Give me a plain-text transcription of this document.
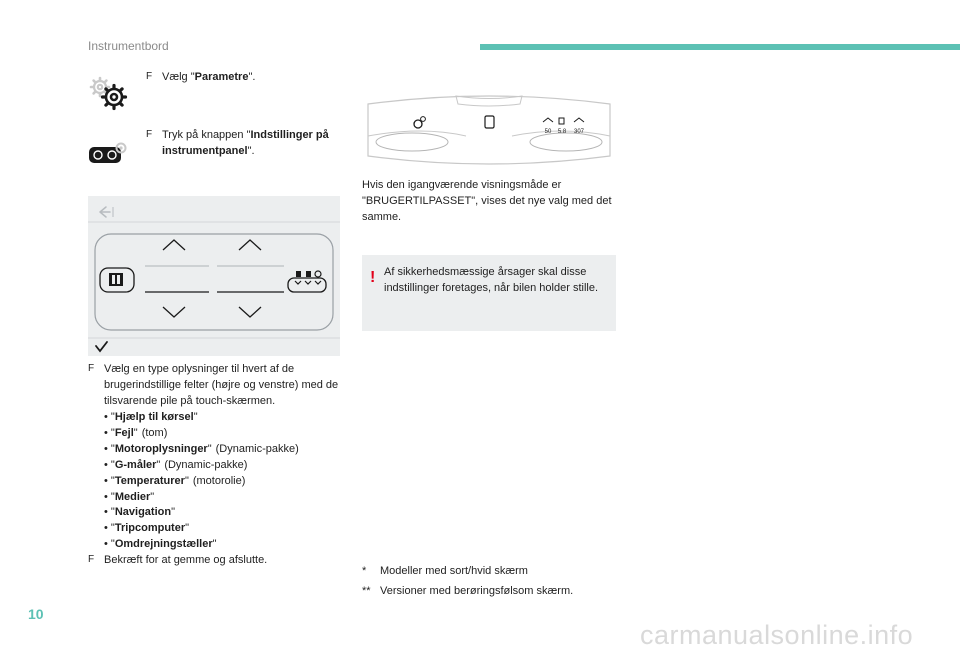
Instrumentbord
F Vælg "Parametre".
F Tryk på knappen "Indstillinger på instrumentpanel".
F Vælg en type oplysninger til hvert af de brugerindstillige felter (højre og venstre) med de tilsvarende pile på touch-skærmen.
• "Hjælp til kørsel"
• "Fejl" (tom)
• "Motoroplysninger" (Dynamic-pakke)
• "G-måler" (Dynamic-pakke)
• "Temperaturer" (motorolie)
• "Medier"
• "Navigation"
• "Tripcomputer"
• "Omdrejningstæller"
F Bekræft for at gemme og afslutte.
50 5.8 307
Hvis den igangværende visningsmåde er "BRUGERTILPASSET", vises det nye valg med det samme.
! Af sikkerhedsmæssige årsager skal disse indstillinger foretages, når bilen holder stille.
* Modeller med sort/hvid skærm
** Versioner med berøringsfølsom skærm.
10
carmanualsonline.info
